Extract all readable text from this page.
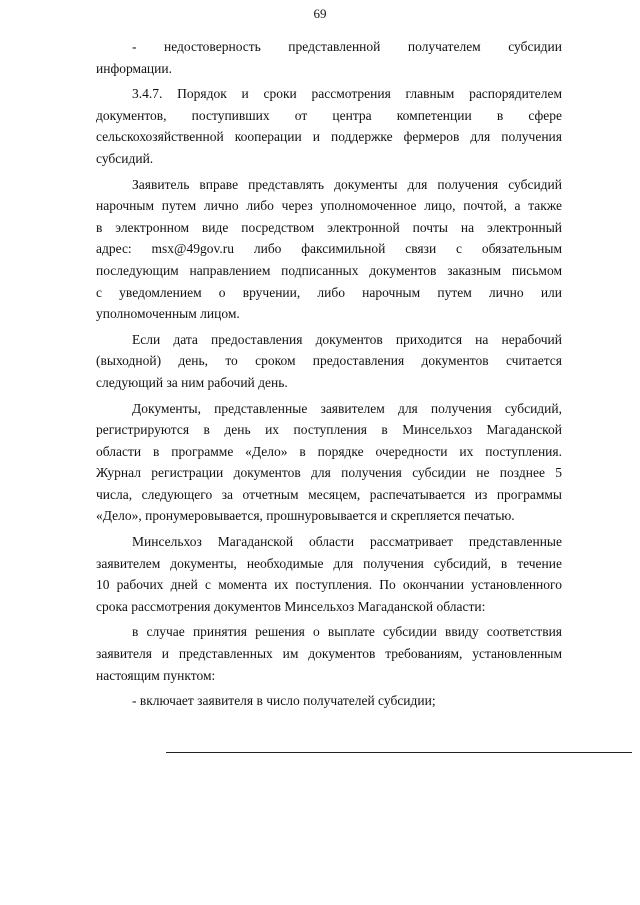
69
- недостоверность представленной получателем субсидии
информации.
3.4.7. Порядок и сроки рассмотрения главным распорядителем
документов, поступивших от центра компетенции в сфере
сельскохозяйственной кооперации и поддержке фермеров для получения
субсидий.
Заявитель вправе представлять документы для получения субсидий
нарочным путем лично либо через уполномоченное лицо, почтой, а также
в электронном виде посредством электронной почты на электронный
адрес: msx@49gov.ru либо факсимильной связи с обязательным
последующим направлением подписанных документов заказным письмом
с уведомлением о вручении, либо нарочным путем лично или
уполномоченным лицом.
Если дата предоставления документов приходится на нерабочий
(выходной) день, то сроком предоставления документов считается
следующий за ним рабочий день.
Документы, представленные заявителем для получения субсидий,
регистрируются в день их поступления в Минсельхоз Магаданской
области в программе «Дело» в порядке очередности их поступления.
Журнал регистрации документов для получения субсидии не позднее 5
числа, следующего за отчетным месяцем, распечатывается из программы
«Дело», пронумеровывается, прошнуровывается и скрепляется печатью.
Минсельхоз Магаданской области рассматривает представленные
заявителем документы, необходимые для получения субсидий, в течение
10 рабочих дней с момента их поступления. По окончании установленного
срока рассмотрения документов Минсельхоз Магаданской области:
в случае принятия решения о выплате субсидии ввиду соответствия
заявителя и представленных им документов требованиям, установленным
настоящим пунктом:
- включает заявителя в число получателей субсидии;
